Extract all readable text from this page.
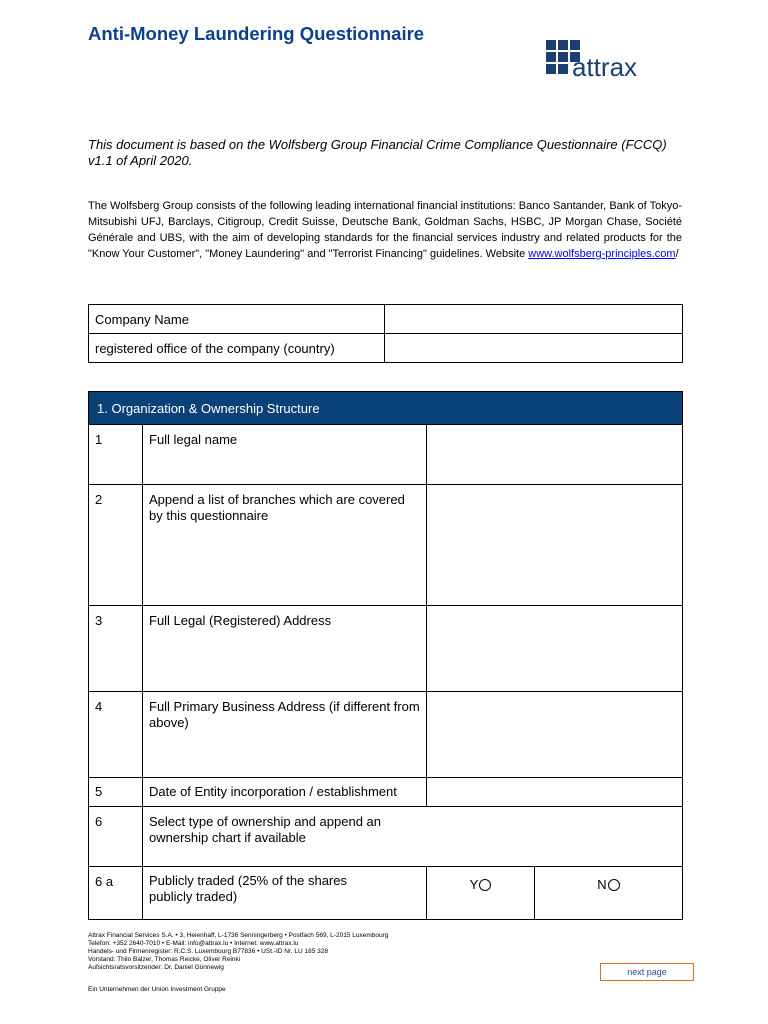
Anti-Money Laundering Questionnaire
attrax

This document is based on the Wolfsberg Group Financial Crime Compliance Questionnaire (FCCQ) v1.1 of April 2020.

The Wolfsberg Group consists of the following leading international financial institutions: Banco Santander, Bank of Tokyo-Mitsubishi UFJ, Barclays, Citigroup, Credit Suisse, Deutsche Bank, Goldman Sachs, HSBC, JP Morgan Chase, Société Générale and UBS, with the aim of developing standards for the financial services industry and related products for the "Know Your Customer", "Money Laundering" and "Terrorist Financing" guidelines. Website www.wolfsberg-principles.com/

Company Name	
registered office of the company (country)	
1. Organization & Ownership Structure			
1	Full legal name		
2	Append a list of branches which are covered by this questionnaire		
3	Full Legal (Registered) Address		
4	Full Primary Business Address (if different from above)		
5	Date of Entity incorporation / establishment		
6	Select type of ownership and append an ownership chart if available		

6 a	Publicly traded (25% of the shares publicly traded)	Y	N
Attrax Financial Services S.A. • 3, Heienhaff, L-1736 Senningerberg • Postfach 569, L-2015 Luxembourg
Telefon: +352 2640-7010 • E-Mail: info@attrax.lu • Internet: www.attrax.lu
Handels- und Firmenregister: R.C.S. Luxembourg B77836 • USt.-ID Nr. LU 185 328
Vorstand: Thilo Balzer, Thomas Reicke, Oliver Reinki
Aufsichtsratsvorsitzender: Dr. Daniel Günnewig
Ein Unternehmen der Union Investment Gruppe
next page
